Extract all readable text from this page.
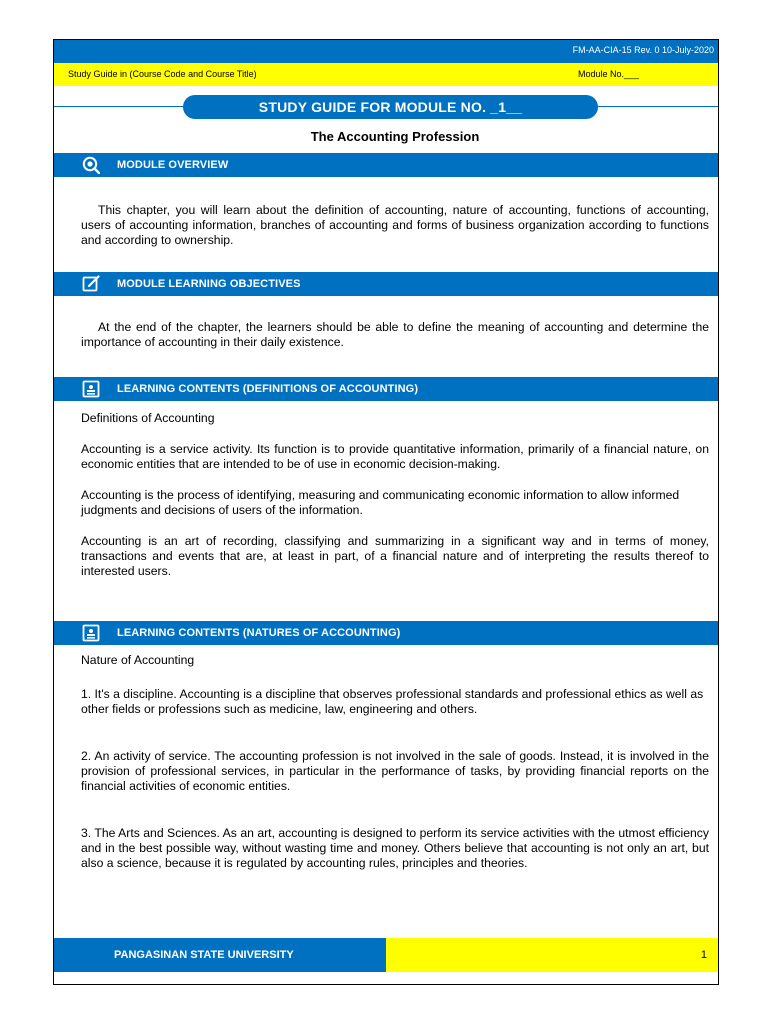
FM-AA-CIA-15 Rev. 0 10-July-2020
Study Guide in (Course Code and Course Title)	Module No.___
STUDY GUIDE FOR MODULE NO. _1__
The Accounting Profession
MODULE OVERVIEW

This chapter, you will learn about the definition of accounting, nature of accounting, functions of accounting, users of accounting information, branches of accounting and forms of business organization according to functions and according to ownership.

MODULE LEARNING OBJECTIVES

At the end of the chapter, the learners should be able to define the meaning of accounting and determine the importance of accounting in their daily existence.

LEARNING CONTENTS (DEFINITIONS OF ACCOUNTING)

Definitions of Accounting

Accounting is a service activity. Its function is to provide quantitative information, primarily of a financial nature, on economic entities that are intended to be of use in economic decision-making.

Accounting is the process of identifying, measuring and communicating economic information to allow informed judgments and decisions of users of the information.

Accounting is an art of recording, classifying and summarizing in a significant way and in terms of money, transactions and events that are, at least in part, of a financial nature and of interpreting the results thereof to interested users.

LEARNING CONTENTS (NATURES OF ACCOUNTING)

Nature of Accounting

1. It's a discipline. Accounting is a discipline that observes professional standards and professional ethics as well as other fields or professions such as medicine, law, engineering and others.

2. An activity of service. The accounting profession is not involved in the sale of goods. Instead, it is involved in the provision of professional services, in particular in the performance of tasks, by providing financial reports on the financial activities of economic entities.

3. The Arts and Sciences. As an art, accounting is designed to perform its service activities with the utmost efficiency and in the best possible way, without wasting time and money. Others believe that accounting is not only an art, but also a science, because it is regulated by accounting rules, principles and theories.

PANGASINAN STATE UNIVERSITY	1
